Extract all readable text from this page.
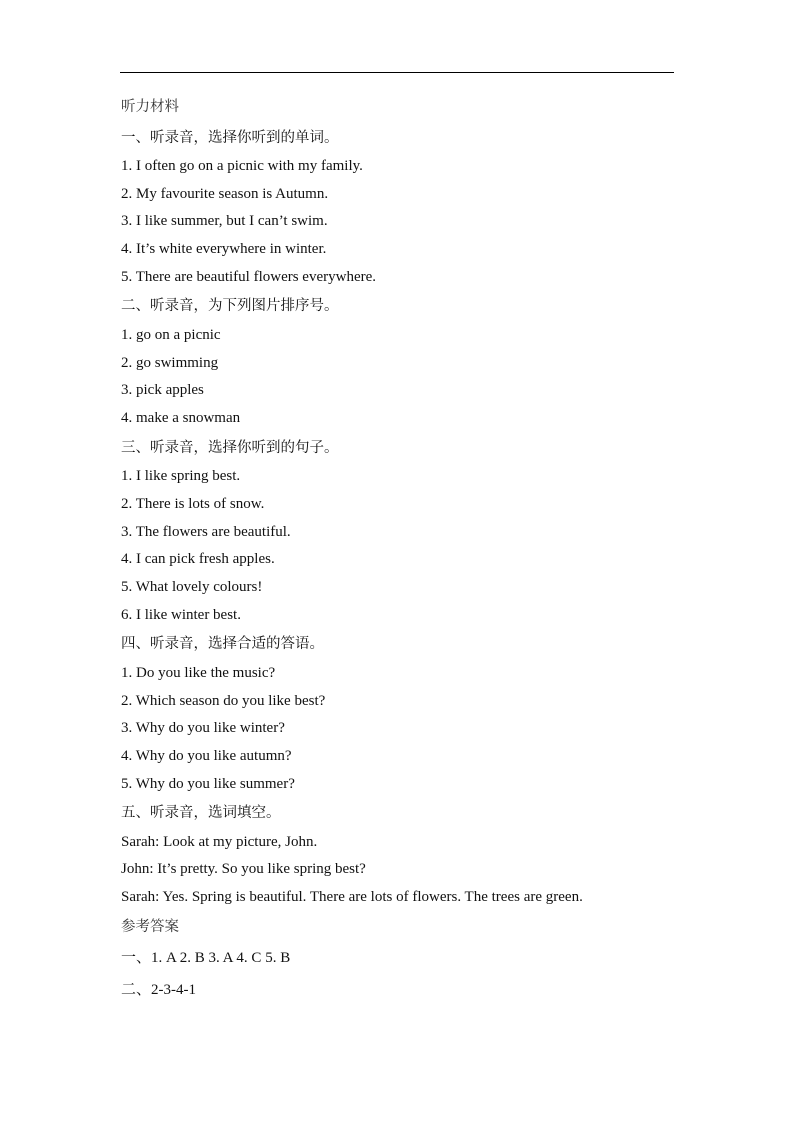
听力材料
一、听录音，选择你听到的单词。
1. I often go on a picnic with my family.
2. My favourite season is Autumn.
3. I like summer, but I can’t swim.
4. It’s white everywhere in winter.
5. There are beautiful flowers everywhere.
二、听录音，为下列图片排序号。
1. go on a picnic
2. go swimming
3. pick apples
4. make a snowman
三、听录音，选择你听到的句子。
1. I like spring best.
2. There is lots of snow.
3. The flowers are beautiful.
4. I can pick fresh apples.
5. What lovely colours!
6. I like winter best.
四、听录音，选择合适的答语。
1. Do you like the music?
2. Which season do you like best?
3. Why do you like winter?
4. Why do you like autumn?
5. Why do you like summer?
五、听录音，选词填空。
Sarah: Look at my picture, John.
John: It’s pretty. So you like spring best?
Sarah: Yes. Spring is beautiful. There are lots of flowers. The trees are green.
参考答案
一、1. A 2. B 3. A 4. C 5. B
二、2-3-4-1
